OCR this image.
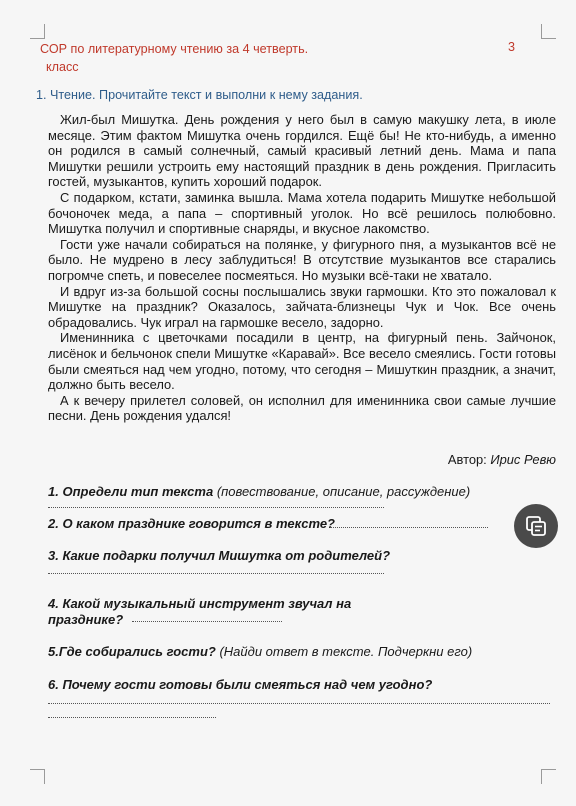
СОР по литературному чтению за 4 четверть.
класс
3
1. Чтение. Прочитайте текст и выполни к нему задания.

Жил-был Мишутка. День рождения у него был в самую макушку лета, в июле месяце. Этим фактом Мишутка очень гордился. Ещё бы! Не кто-нибудь, а именно он родился в самый солнечный, самый красивый летний день. Мама и папа Мишутки решили устроить ему настоящий праздник в день рождения. Пригласить гостей, музыкантов, купить хороший подарок.

С подарком, кстати, заминка вышла. Мама хотела подарить Мишутке небольшой бочоночек меда, а папа – спортивный уголок. Но всё решилось полюбовно. Мишутка получил и спортивные снаряды, и вкусное лакомство.

Гости уже начали собираться на полянке, у фигурного пня, а музыкантов всё не было. Не мудрено в лесу заблудиться! В отсутствие музыкантов все старались погромче спеть, и повеселее посмеяться. Но музыки всё-таки не хватало.

И вдруг из-за большой сосны послышались звуки гармошки. Кто это пожаловал к Мишутке на праздник? Оказалось, зайчата-близнецы Чук и Чок. Все очень обрадовались. Чук играл на гармошке весело, задорно.

Именинника с цветочками посадили в центр, на фигурный пень. Зайчонок, лисёнок и бельчонок спели Мишутке «Каравай». Все весело смеялись. Гости готовы были смеяться над чем угодно, потому, что сегодня – Мишуткин праздник, а значит, должно быть весело.

А к вечеру прилетел соловей, он исполнил для именинника свои самые лучшие песни. День рождения удался!

Автор: Ирис Ревю
1. Определи тип текста (повествование, описание, рассуждение)
2. О каком празднике говорится в тексте?
3. Какие подарки получил Мишутка от родителей?
4. Какой музыкальный инструмент звучал на
празднике?
5.Где собирались гости? (Найди ответ в тексте. Подчеркни его)
6. Почему гости готовы были смеяться над чем угодно?
